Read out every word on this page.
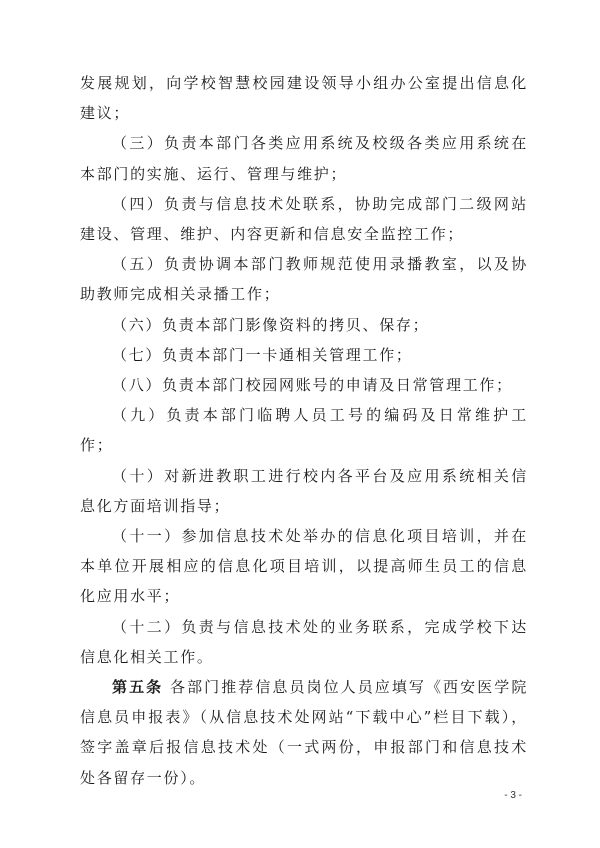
发展规划，向学校智慧校园建设领导小组办公室提出信息化建议；

（三）负责本部门各类应用系统及校级各类应用系统在本部门的实施、运行、管理与维护；

（四）负责与信息技术处联系，协助完成部门二级网站建设、管理、维护、内容更新和信息安全监控工作；

（五）负责协调本部门教师规范使用录播教室，以及协助教师完成相关录播工作；

（六）负责本部门影像资料的拷贝、保存；

（七）负责本部门一卡通相关管理工作；

（八）负责本部门校园网账号的申请及日常管理工作；

（九）负责本部门临聘人员工号的编码及日常维护工作；

（十）对新进教职工进行校内各平台及应用系统相关信息化方面培训指导；

（十一）参加信息技术处举办的信息化项目培训，并在本单位开展相应的信息化项目培训，以提高师生员工的信息化应用水平；

（十二）负责与信息技术处的业务联系，完成学校下达信息化相关工作。

第五条 各部门推荐信息员岗位人员应填写《西安医学院信息员申报表》（从信息技术处网站“下载中心”栏目下载），签字盖章后报信息技术处（一式两份，申报部门和信息技术处各留存一份）。

- 3 -
